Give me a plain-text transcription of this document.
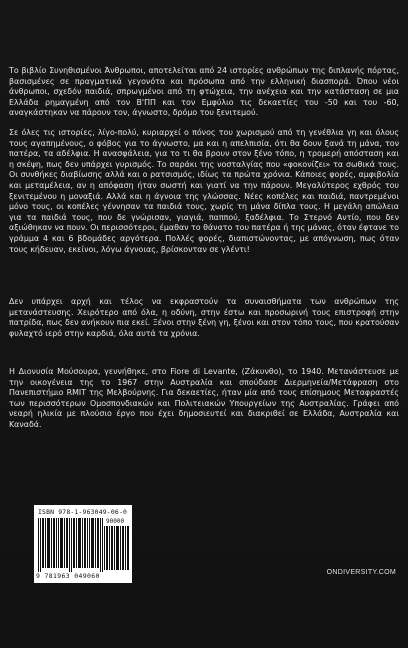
Το βιβλίο Συνηθισμένοι Άνθρωποι, αποτελείται από 24 ιστορίες ανθρώπων της διπλανής πόρτας, βασισμένες σε πραγματικά γεγονότα και πρόσωπα από την ελληνική διασπορά. Όπου νέοι άνθρωποι, σχεδόν παιδιά, σπρωγμένοι από τη φτώχεια, την ανέχεια και την κατάσταση σε μια Ελλάδα ρημαγμένη από τον Β'ΠΠ και τον Εμφύλιο τις δεκαετίες του -50 και του -60, αναγκάστηκαν να πάρουν τον, άγνωστο, δρόμο του ξενιτεμού.

Σε όλες τις ιστορίες, λίγο-πολύ, κυριαρχεί ο πόνος του χωρισμού από τη γενέθλια γη και όλους τους αγαπημένους, ο φόβος για το άγνωστο, μα και η απελπισία, ότι θα δουν ξανά τη μάνα, τον πατέρα, τα αδέλφια. Η ανασφάλεια, για το τι θα βρουν στον ξένο τόπο, η τρομερή απόσταση και η σκέψη, πως δεν υπάρχει γυρισμός. Το σαράκι της νοσταλγίας που «φοκονίζει» τα σωθικά τους. Οι συνθήκες διαβίωσης αλλά και ο ρατσισμός, ιδίως τα πρώτα χρόνια. Κάποιες φορές, αμφιβολία και μεταμέλεια, αν η απόφαση ήταν σωστή και γιατί να την πάρουν. Μεγαλύτερος εχθρός του ξενιτεμένου η μοναξιά. Αλλά και η άγνοια της γλώσσας. Νέες κοπέλες και παιδιά, παντρεμένοι μόνο τους, οι κοπέλες γέννησαν τα παιδιά τους, χωρίς τη μάνα δίπλα τους. Η μεγάλη απώλεια για τα παιδιά τους, που δε γνώρισαν, γιαγιά, παππού, ξαδέλφια. Το Στερνό Αντίο, που δεν αξιώθηκαν να πουν. Οι περισσότεροι, έμαθαν το θάνατο του πατέρα ή της μάνας, όταν έφτανε το γράμμα 4 και 6 βδομάδες αργότερα. Πολλές φορές, διαπιστώνοντας, με απόγνωση, πως όταν τους κήδευαν, εκείνοι, λόγω άγνοιας, βρίσκονταν σε γλέντι!

Δεν υπάρχει αρχή και τέλος να εκφραστούν τα συναισθήματα των ανθρώπων της μετανάστευσης. Χειρότερο από όλα, η οδύνη, στην έστω και προσωρινή τους επιστροφή στην πατρίδα, πως δεν ανήκουν πια εκεί. Ξένοι στην ξένη γη, ξένοι και στον τόπο τους, που κρατούσαν φυλαχτό ιερό στην καρδιά, όλα αυτά τα χρόνια.

Η Διονυσία Μούσουρα, γεννήθηκε, στο Fiore di Levante, (Ζάκυνθο), το 1940. Μετανάστευσε με την οικογένεια της το 1967 στην Αυστραλία και σπούδασε Διερμηνεία/Μετάφραση στο Πανεπιστήμιο RMIT της Μελβούρνης. Για δεκαετίες, ήταν μία από τους επίσημους Μεταφραστές των περισσότερων Ομοσπονδιακών και Πολιτειακών Υπουργείων της Αυστραλίας. Γράφει από νεαρή ηλικία με πλούσιο έργο που έχει δημοσιευτεί και διακριθεί σε Ελλάδα, Αυστραλία και Καναδά.

ISBN 978-1-963049-06-0
90000
9 781963 049060	ONDIVERSITY.COM
